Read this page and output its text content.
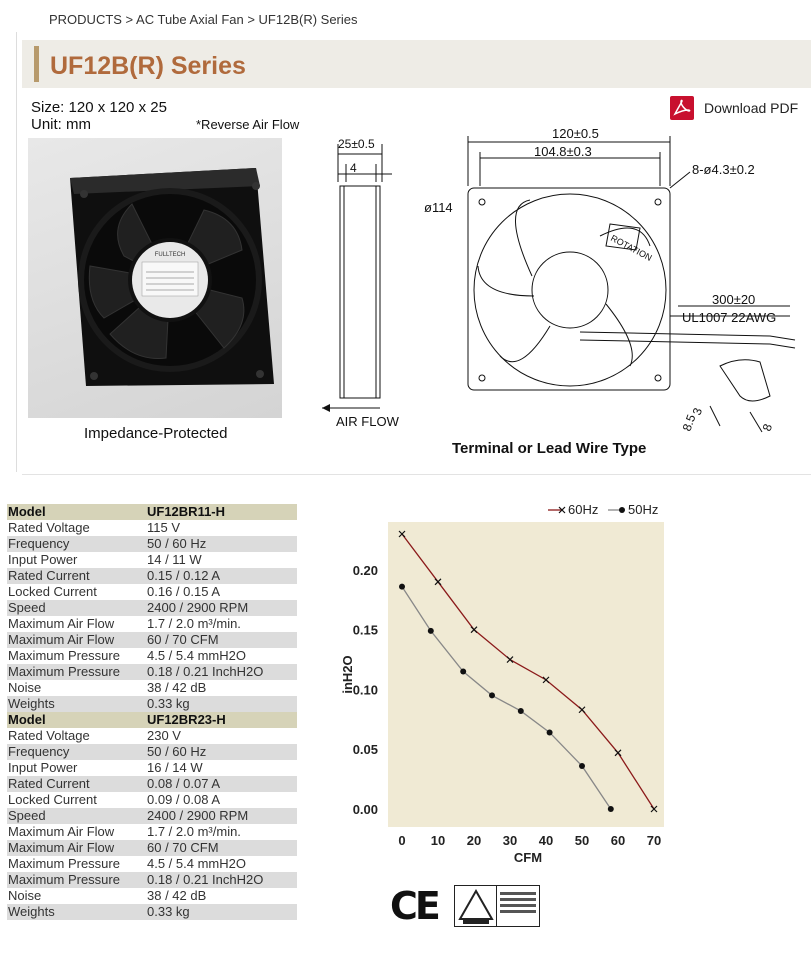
PRODUCTS > AC Tube Axial Fan > UF12B(R) Series
UF12B(R) Series
Size: 120 x 120 x 25
Unit: mm	*Reverse Air Flow
Download PDF
FULLTECH
Impedance-Protected
25±0.5
4
AIR FLOW
120±0.5
104.8±0.3
8-ø4.3±0.2
ø114
ROTATION
300±20
UL1007 22AWG
3
8.5	8
Terminal or Lead Wire Type
Model	UF12BR11-H
Rated Voltage	115 V
Frequency	50 / 60 Hz
Input Power	14 / 11 W
Rated Current	0.15 / 0.12 A
Locked Current	0.16 / 0.15 A
Speed	2400 / 2900 RPM
Maximum Air Flow	1.7 / 2.0 m³/min.
Maximum Air Flow	60 / 70 CFM
Maximum Pressure	4.5 / 5.4 mmH2O
Maximum Pressure	0.18 / 0.21 InchH2O
Noise	38 / 42 dB
Weights	0.33 kg
Model	UF12BR23-H
Rated Voltage	230 V
Frequency	50 / 60 Hz
Input Power	16 / 14 W
Rated Current	0.08 / 0.07 A
Locked Current	0.09 / 0.08 A
Speed	2400 / 2900 RPM
Maximum Air Flow	1.7 / 2.0 m³/min.
Maximum Air Flow	60 / 70 CFM
Maximum Pressure	4.5 / 5.4 mmH2O
Maximum Pressure	0.18 / 0.21 InchH2O
Noise	38 / 42 dB
Weights	0.33 kg
0 10 20 30 40 50 60 70
0.00
0.05
0.10
0.15
0.20
CFM
inH2O
60Hz 50Hz
CE
